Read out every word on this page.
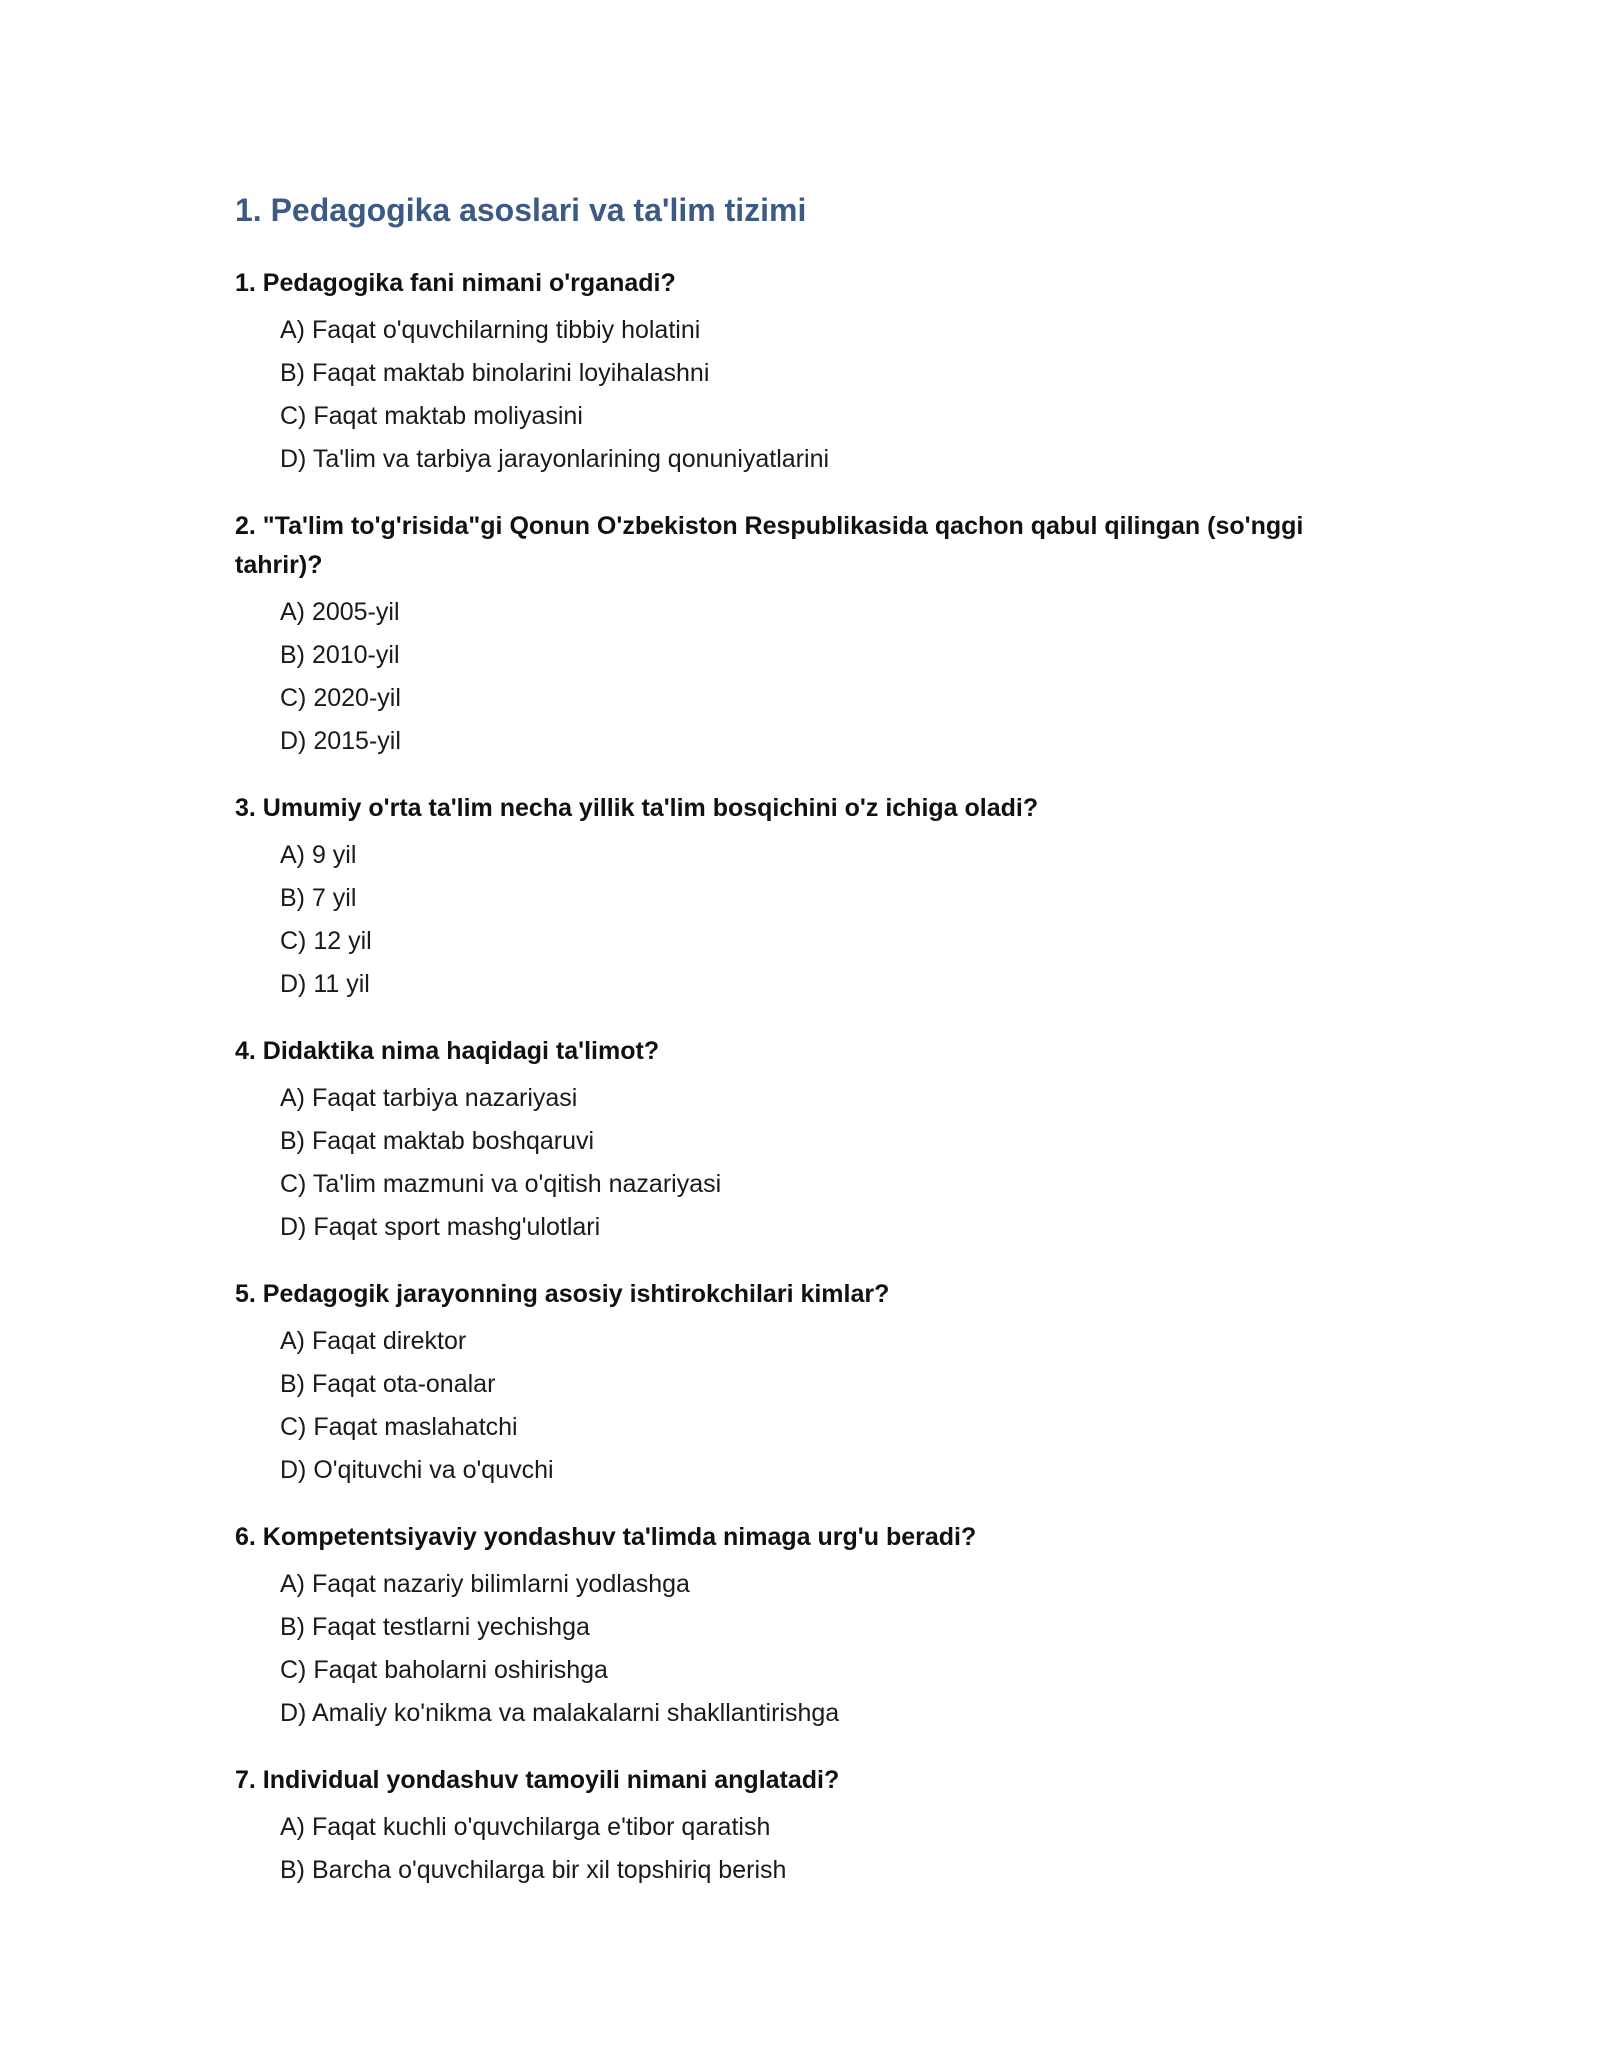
1. Pedagogika asoslari va ta'lim tizimi
1. Pedagogika fani nimani o'rganadi?
A) Faqat o'quvchilarning tibbiy holatini
B) Faqat maktab binolarini loyihalashni
C) Faqat maktab moliyasini
D) Ta'lim va tarbiya jarayonlarining qonuniyatlarini
2. "Ta'lim to'g'risida"gi Qonun O'zbekiston Respublikasida qachon qabul qilingan (so'nggi tahrir)?
A) 2005-yil
B) 2010-yil
C) 2020-yil
D) 2015-yil
3. Umumiy o'rta ta'lim necha yillik ta'lim bosqichini o'z ichiga oladi?
A) 9 yil
B) 7 yil
C) 12 yil
D) 11 yil
4. Didaktika nima haqidagi ta'limot?
A) Faqat tarbiya nazariyasi
B) Faqat maktab boshqaruvi
C) Ta'lim mazmuni va o'qitish nazariyasi
D) Faqat sport mashg'ulotlari
5. Pedagogik jarayonning asosiy ishtirokchilari kimlar?
A) Faqat direktor
B) Faqat ota-onalar
C) Faqat maslahatchi
D) O'qituvchi va o'quvchi
6. Kompetentsiyaviy yondashuv ta'limda nimaga urg'u beradi?
A) Faqat nazariy bilimlarni yodlashga
B) Faqat testlarni yechishga
C) Faqat baholarni oshirishga
D) Amaliy ko'nikma va malakalarni shakllantirishga
7. Individual yondashuv tamoyili nimani anglatadi?
A) Faqat kuchli o'quvchilarga e'tibor qaratish
B) Barcha o'quvchilarga bir xil topshiriq berish
